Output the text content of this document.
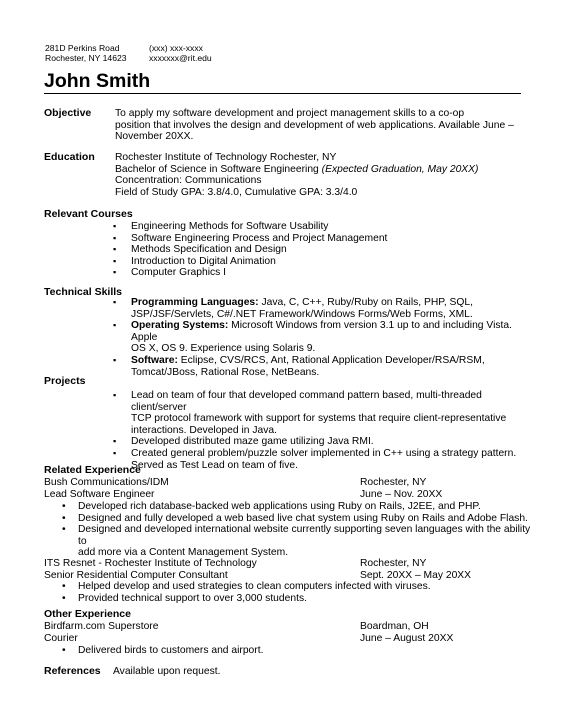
281D Perkins Road
Rochester, NY 14623
(xxx) xxx-xxxx
xxxxxxx@rit.edu
John Smith
Objective To apply my software development and project management skills to a co-op
position that involves the design and development of web applications. Available June –
November 20XX.
Education Rochester Institute of Technology Rochester, NY
Bachelor of Science in Software Engineering (Expected Graduation, May 20XX)
Concentration: Communications
Field of Study GPA: 3.8/4.0, Cumulative GPA: 3.3/4.0
Relevant Courses
▪ Engineering Methods for Software Usability
▪ Software Engineering Process and Project Management
▪ Methods Specification and Design
▪ Introduction to Digital Animation
▪ Computer Graphics I
Technical Skills
▪ Programming Languages: Java, C, C++, Ruby/Ruby on Rails, PHP, SQL,
JSP/JSF/Servlets, C#/.NET Framework/Windows Forms/Web Forms, XML.
▪ Operating Systems: Microsoft Windows from version 3.1 up to and including Vista. Apple
OS X, OS 9. Experience using Solaris 9.
▪ Software: Eclipse, CVS/RCS, Ant, Rational Application Developer/RSA/RSM,
Tomcat/JBoss, Rational Rose, NetBeans.
Projects
▪ Lead on team of four that developed command pattern based, multi-threaded client/server
TCP protocol framework with support for systems that require client-representative
interactions. Developed in Java.
▪ Developed distributed maze game utilizing Java RMI.
▪ Created general problem/puzzle solver implemented in C++ using a strategy pattern.
Served as Test Lead on team of five.
Related Experience
Bush Communications/IDM	Rochester, NY
Lead Software Engineer	June – Nov. 20XX
• Developed rich database-backed web applications using Ruby on Rails, J2EE, and PHP.
• Designed and fully developed a web based live chat system using Ruby on Rails and Adobe Flash.
• Designed and developed international website currently supporting seven languages with the ability to
add more via a Content Management System.
ITS Resnet - Rochester Institute of Technology	Rochester, NY
Senior Residential Computer Consultant	Sept. 20XX – May 20XX
• Helped develop and used strategies to clean computers infected with viruses.
• Provided technical support to over 3,000 students.
Other Experience
Birdfarm.com Superstore	Boardman, OH
Courier	June – August 20XX
• Delivered birds to customers and airport.
References Available upon request.
